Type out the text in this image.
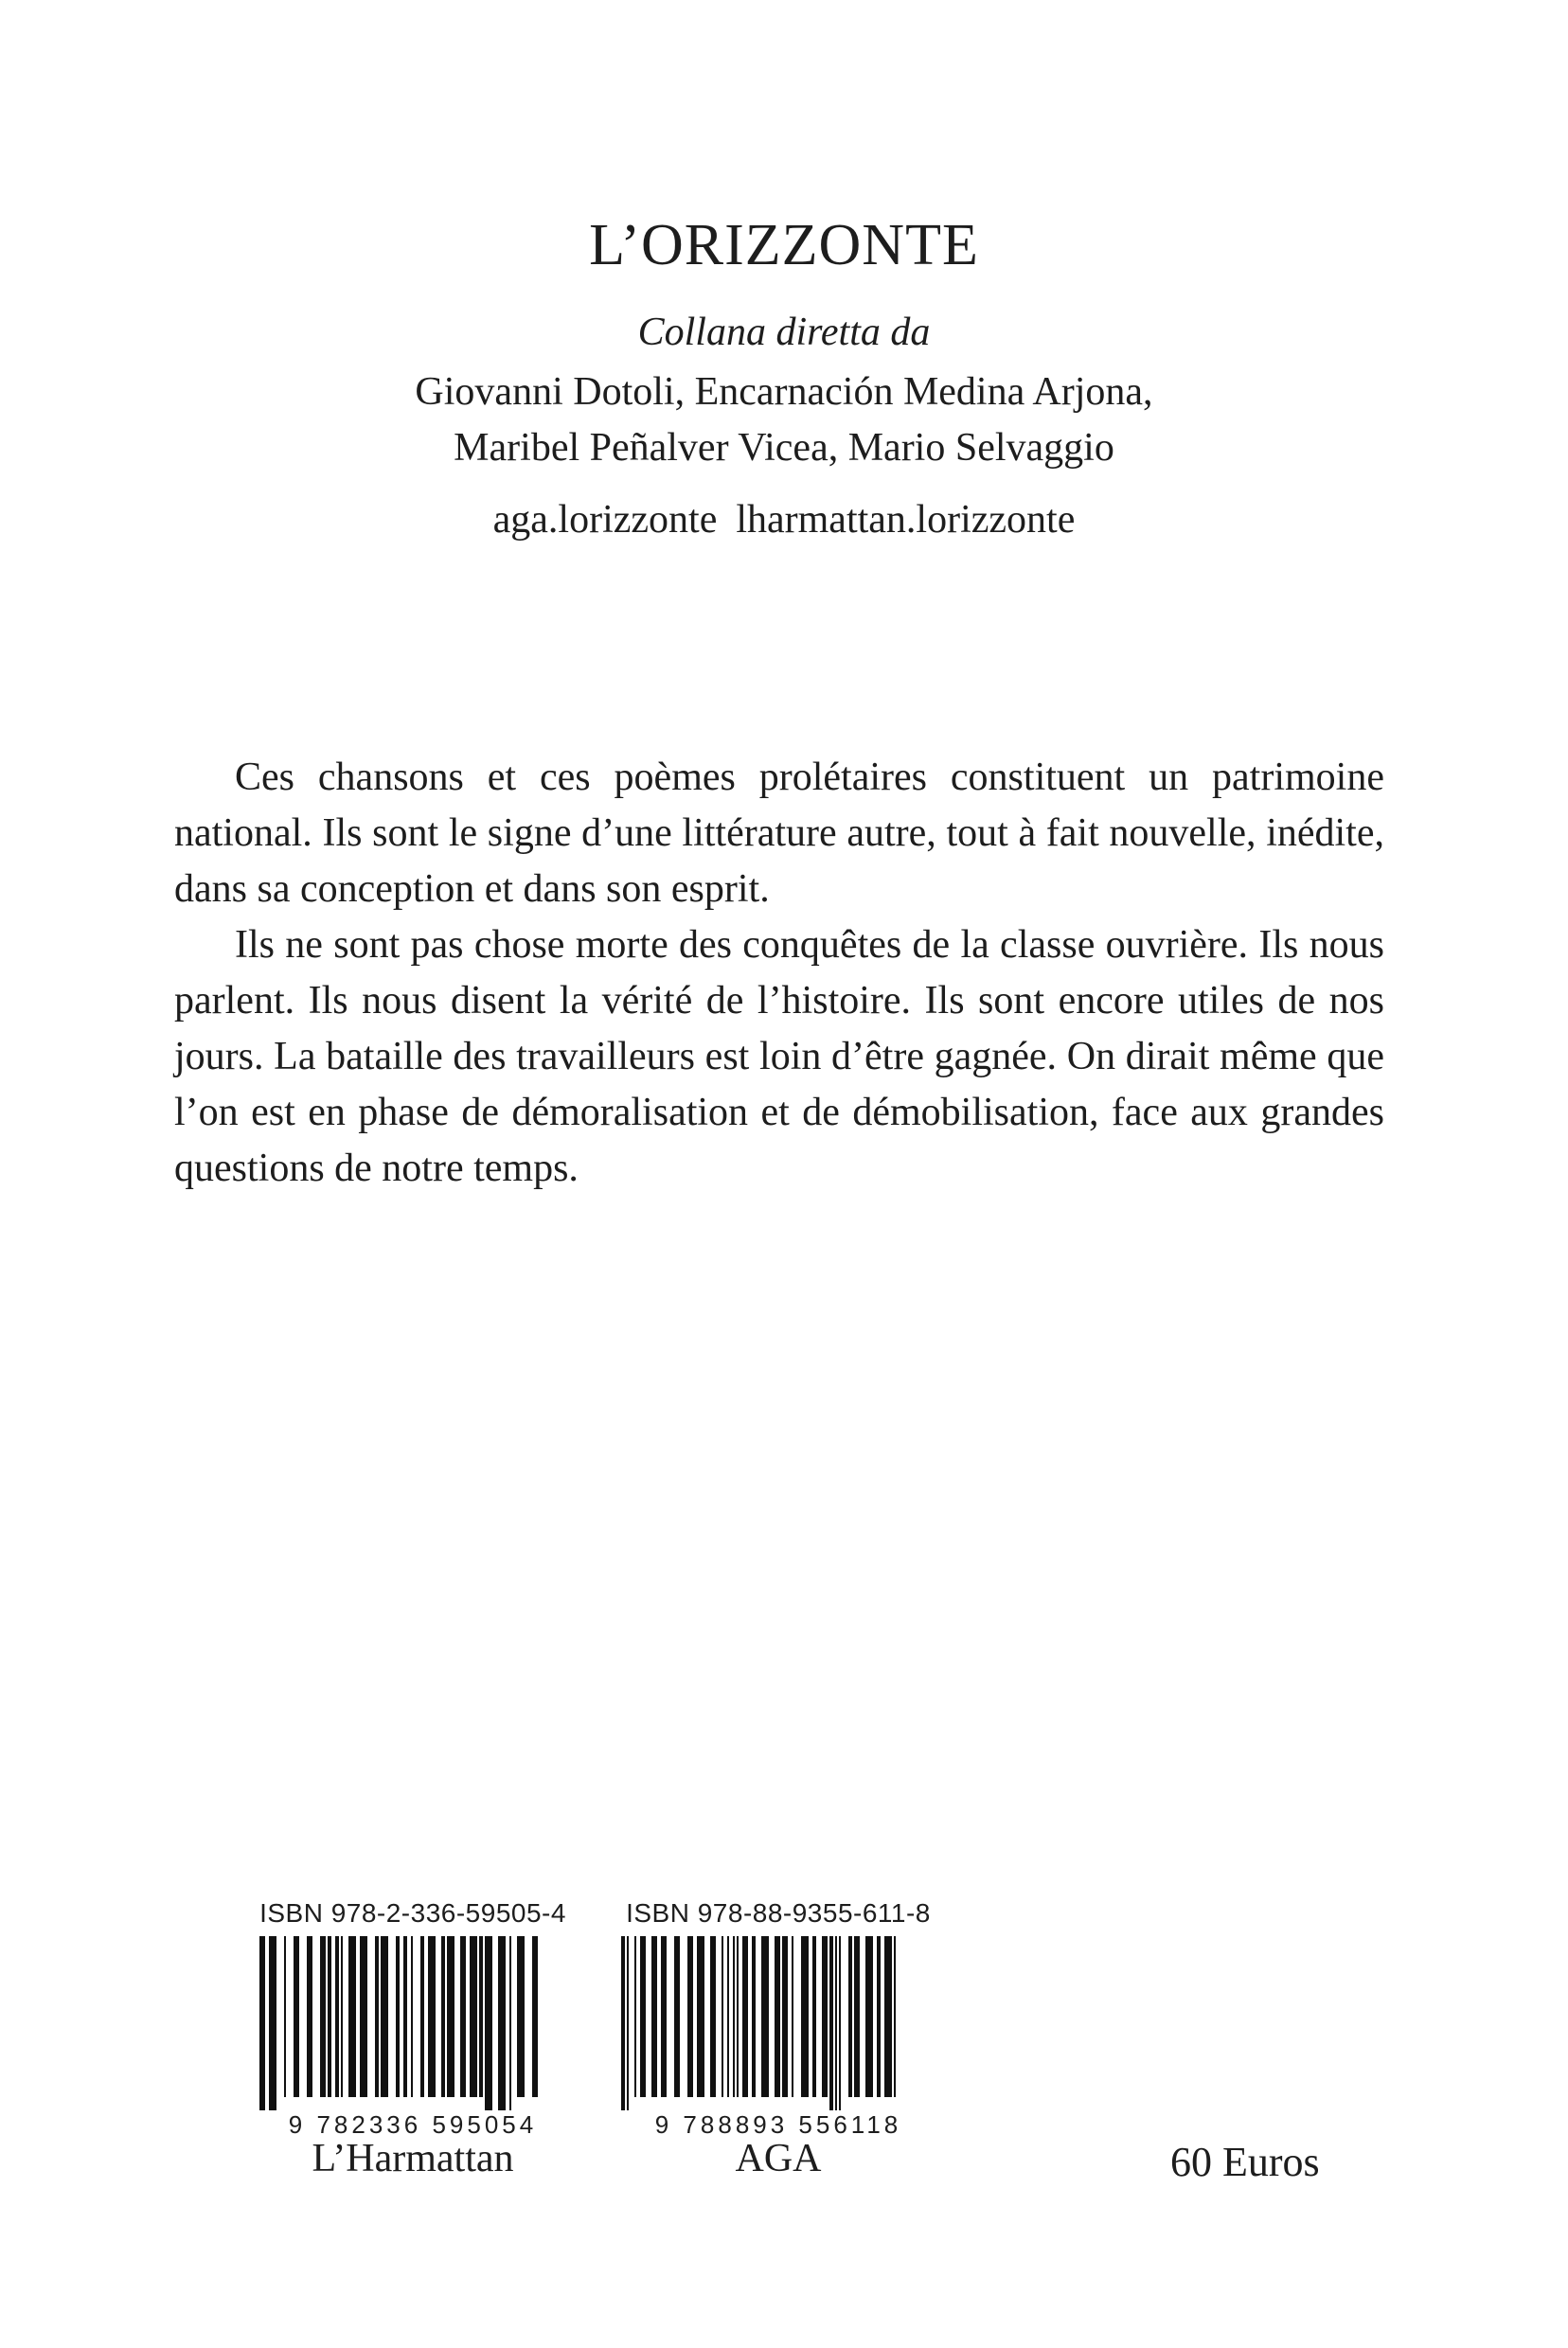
L’ORIZZONTE
Collana diretta da
Giovanni Dotoli, Encarnación Medina Arjona,
Maribel Peñalver Vicea, Mario Selvaggio
aga.lorizzonte lharmattan.lorizzonte

Ces chansons et ces poèmes prolétaires constituent un patrimoine national. Ils sont le signe d’une littérature autre, tout à fait nouvelle, inédite, dans sa conception et dans son esprit.

Ils ne sont pas chose morte des conquêtes de la classe ouvrière. Ils nous parlent. Ils nous disent la vérité de l’histoire. Ils sont encore utiles de nos jours. La bataille des travailleurs est loin d’être gagnée. On dirait même que l’on est en phase de démoralisation et de démobilisation, face aux grandes questions de notre temps.

ISBN 978-2-336-59505-4
9 782336 595054
L’Harmattan
ISBN 978-88-9355-611-8
9 788893 556118
AGA	60 Euros
